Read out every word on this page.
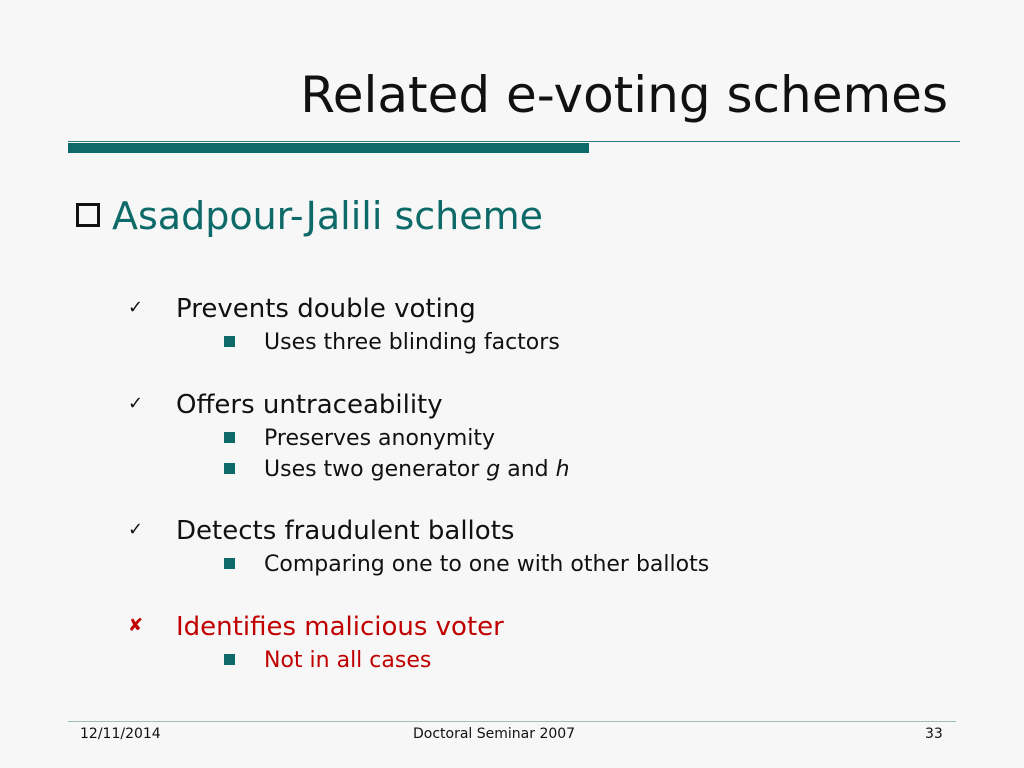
Related e-voting schemes
Asadpour-Jalili scheme
✓ Prevents double voting
Uses three blinding factors
✓ Offers untraceability
Preserves anonymity
Uses two generator g and h
✓ Detects fraudulent ballots
Comparing one to one with other ballots
✘ Identifies malicious voter
Not in all cases
12/11/2014	Doctoral Seminar 2007	33
